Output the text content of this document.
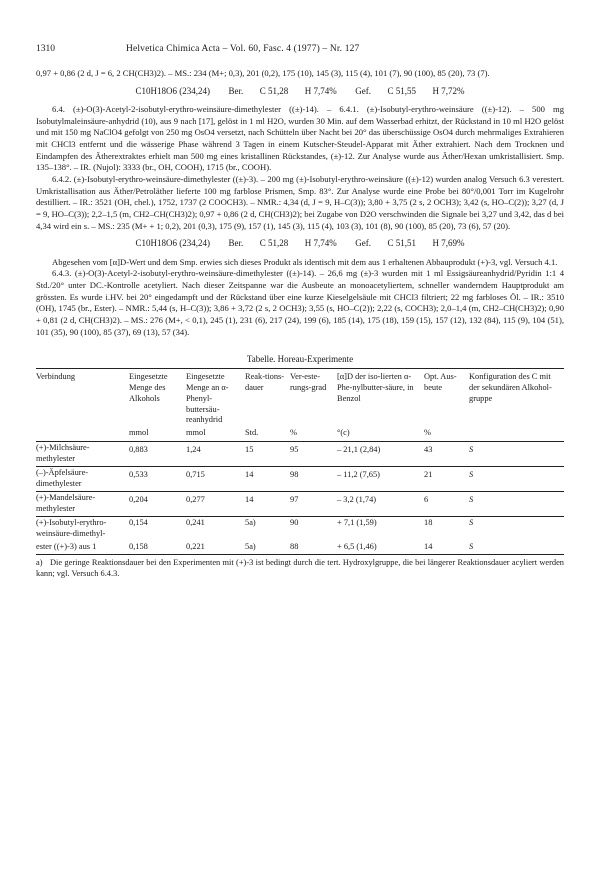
1310	Helvetica Chimica Acta – Vol. 60, Fasc. 4 (1977) – Nr. 127

0,97 + 0,86 (2 d, J = 6, 2 CH(CH3)2). – MS.: 234 (M+; 0,3), 201 (0,2), 175 (10), 145 (3), 115 (4), 101 (7), 90 (100), 85 (20), 73 (7).

C10H18O6 (234,24) Ber. C 51,28 H 7,74% Gef. C 51,55 H 7,72%

6.4. (±)-O(3)-Acetyl-2-isobutyl-erythro-weinsäure-dimethylester ((±)-14). – 6.4.1. (±)-Isobutyl-erythro-weinsäure ((±)-12). – 500 mg Isobutylmaleinsäure-anhydrid (10), aus 9 nach [17], gelöst in 1 ml H2O, wurden 30 Min. auf dem Wasserbad erhitzt, der Rückstand in 10 ml H2O gelöst und mit 150 mg NaClO4 gefolgt von 250 mg OsO4 versetzt, nach Schütteln über Nacht bei 20° das überschüssige OsO4 durch mehrmaliges Extrahieren mit CHCl3 entfernt und die wässerige Phase während 3 Tagen in einem Kutscher-Steudel-Apparat mit Äther extrahiert. Nach dem Trocknen und Eindampfen des Ätherextraktes erhielt man 500 mg eines kristallinen Rückstandes, (±)-12. Zur Analyse wurde aus Äther/Hexan umkristallisiert. Smp. 135–138°. – IR. (Nujol): 3333 (br., OH, COOH), 1715 (br., COOH).

6.4.2. (±)-Isobutyl-erythro-weinsäure-dimethylester ((±)-3). – 200 mg (±)-Isobutyl-erythro-weinsäure ((±)-12) wurden analog Versuch 6.3 verestert. Umkristallisation aus Äther/Petroläther lieferte 100 mg farblose Prismen, Smp. 83°. Zur Analyse wurde eine Probe bei 80°/0,001 Torr im Kugelrohr destilliert. – IR.: 3521 (OH, chel.), 1752, 1737 (2 COOCH3). – NMR.: 4,34 (d, J = 9, H–C(3)); 3,80 + 3,75 (2 s, 2 OCH3); 3,42 (s, HO–C(2)); 3,27 (d, J = 9, HO–C(3)); 2,2–1,5 (m, CH2–CH(CH3)2); 0,97 + 0,86 (2 d, CH(CH3)2); bei Zugabe von D2O verschwinden die Signale bei 3,27 und 3,42, das d bei 4,34 wird ein s. – MS.: 235 (M+ + 1; 0,2), 201 (0,3), 175 (9), 157 (1), 145 (3), 115 (4), 103 (3), 101 (8), 90 (100), 85 (20), 73 (6), 57 (20).

C10H18O6 (234,24) Ber. C 51,28 H 7,74% Gef. C 51,51 H 7,69%

Abgesehen vom [α]D-Wert und dem Smp. erwies sich dieses Produkt als identisch mit dem aus 1 erhaltenen Abbauprodukt (+)-3, vgl. Versuch 4.1.

6.4.3. (±)-O(3)-Acetyl-2-isobutyl-erythro-weinsäure-dimethylester ((±)-14). – 26,6 mg (±)-3 wurden mit 1 ml Essigsäureanhydrid/Pyridin 1:1 4 Std./20° unter DC.-Kontrolle acetyliert. Nach dieser Zeitspanne war die Ausbeute an monoacetyliertem, schneller wanderndem Hauptprodukt am grössten. Es wurde i.HV. bei 20° eingedampft und der Rückstand über eine kurze Kieselgelsäule mit CHCl3 filtriert; 22 mg farbloses Öl. – IR.: 3510 (OH), 1745 (br., Ester). – NMR.: 5,44 (s, H–C(3)); 3,86 + 3,72 (2 s, 2 OCH3); 3,55 (s, HO–C(2)); 2,22 (s, COCH3); 2,0–1,4 (m, CH2–CH(CH3)2); 0,90 + 0,81 (2 d, CH(CH3)2). – MS.: 276 (M+, < 0,1), 245 (1), 231 (6), 217 (24), 199 (6), 185 (14), 175 (18), 159 (15), 157 (12), 132 (84), 115 (9), 104 (51), 101 (35), 90 (100), 85 (37), 69 (13), 57 (34).

Tabelle. Horeau-Experimente
Verbindung	Eingesetzte Menge des Alkohols	Eingesetzte Menge an α-Phenyl-buttersäu-reanhydrid	Reak-tions-dauer	Ver-este-rungs-grad	[α]D der iso-lierten α-Phe-nylbutter-säure, in Benzol	Opt. Aus-beute	Konfiguration des C mit der sekundären Alkohol-gruppe
	mmol	mmol	Std.	%	°(c)	%	
(+)-Milchsäure-methylester	0,883	1,24	15	95	– 21,1 (2,84)	43	S
(–)-Äpfelsäure-dimethylester	0,533	0,715	14	98	– 11,2 (7,65)	21	S
(+)-Mandelsäure-methylester	0,204	0,277	14	97	– 3,2 (1,74)	6	S
(+)-Isobutyl-erythro-weinsäure-dimethyl-	0,154	0,241	5a)	90	+ 7,1 (1,59)	18	S
ester ((+)-3) aus 1	0,158	0,221	5a)	88	+ 6,5 (1,46)	14	S

a) Die geringe Reaktionsdauer bei den Experimenten mit (+)-3 ist bedingt durch die tert. Hydroxylgruppe, die bei längerer Reaktionsdauer acyliert werden kann; vgl. Versuch 6.4.3.
